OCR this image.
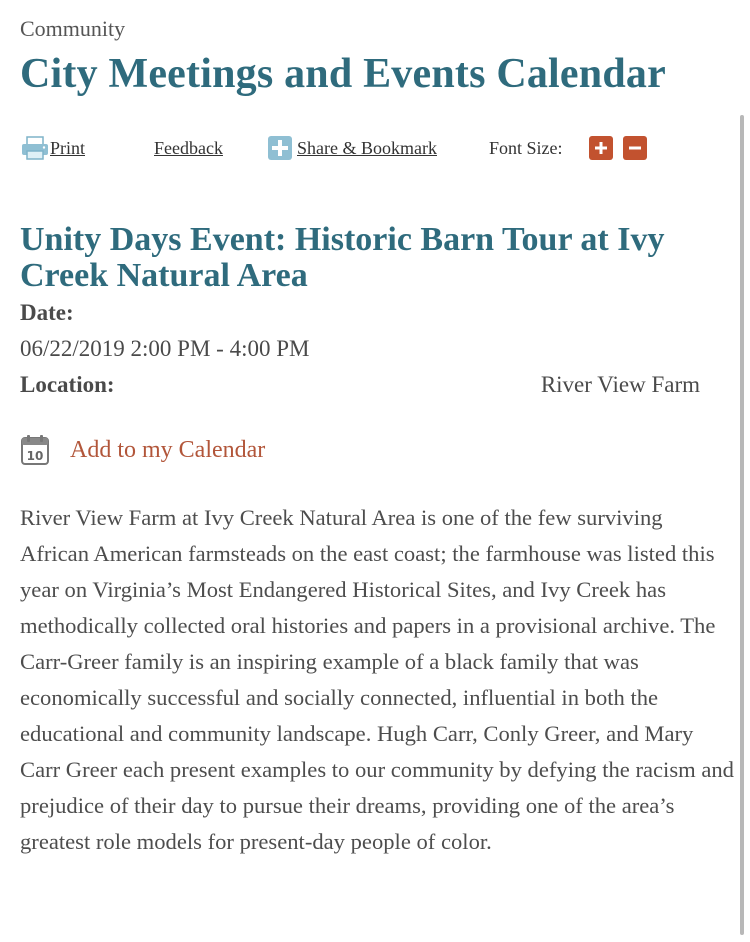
Community
City Meetings and Events Calendar
Print	Feedback	Share & Bookmark	Font Size:
Unity Days Event: Historic Barn Tour at Ivy Creek Natural Area
Date:
06/22/2019 2:00 PM - 4:00 PM
Location:	River View Farm
10 Add to my Calendar

River View Farm at Ivy Creek Natural Area is one of the few surviving African American farmsteads on the east coast; the farmhouse was listed this year on Virginia’s Most Endangered Historical Sites, and Ivy Creek has methodically collected oral histories and papers in a provisional archive. The Carr-Greer family is an inspiring example of a black family that was economically successful and socially connected, influential in both the educational and community landscape. Hugh Carr, Conly Greer, and Mary Carr Greer each present examples to our community by defying the racism and prejudice of their day to pursue their dreams, providing one of the area’s greatest role models for present-day people of color.
